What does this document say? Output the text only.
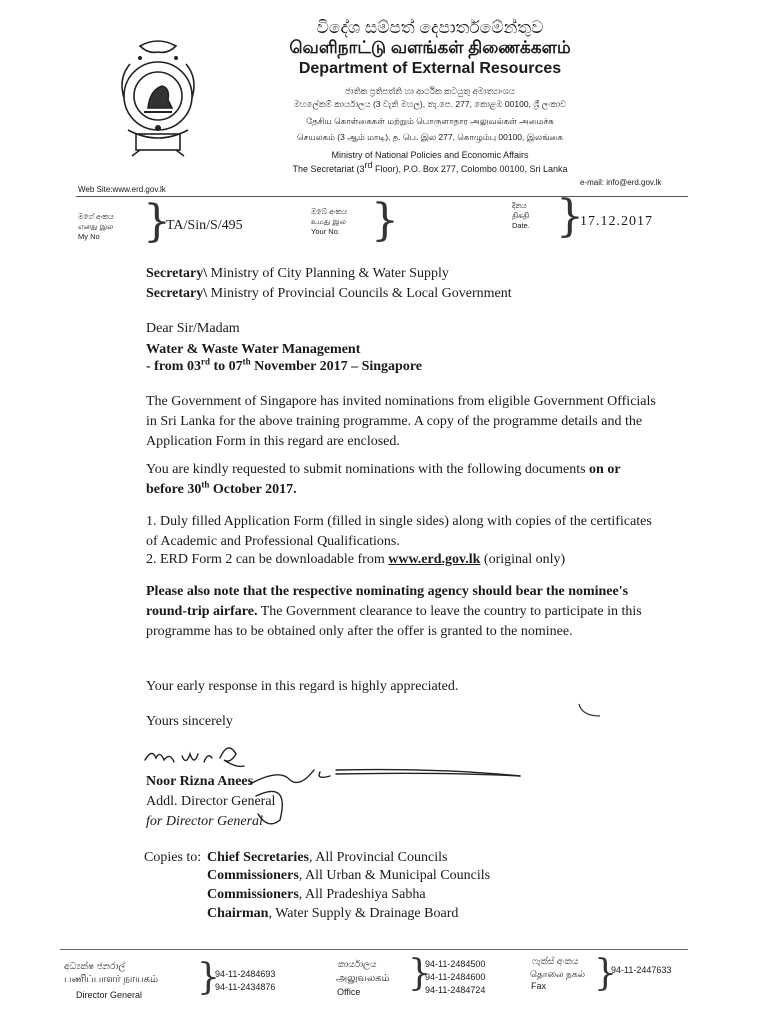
විදේශ සම්පත් දෙපාර්තමේන්තුව
வெளிநாட்டு வளங்கள் திணைக்களம்
Department of External Resources
ජාතික ප්‍රතිපත්ති හා ආර්ථික කටයුතු අමාත්‍යාංශය
මහලේකම් කාර්යාලය (3 වැනි මහල), තැ.පෙ. 277, කොළඹ 00100, ශ්‍රී ලංකාව
தேசிய கொள்கைகள் மற்றும் பொருளாதார அலுவல்கள் அமைச்சு
செயலகம் (3 ஆம் மாடி), த. பெ. இல 277, கொழும்பு 00100, இலங்கை
Ministry of National Policies and Economic Affairs
The Secretariat (3rd Floor), P.O. Box 277, Colombo 00100, Sri Lanka
Web Site:www.erd.gov.lk
e-mail: info@erd.gov.lk
මගේ අංකය
எனது இல
My No }
TA/Sin/S/495
ඔබේ අංකය
உமது இல
Your No. }	දිනය
திகதி
Date. }
17.12.2017
Secretary\ Ministry of City Planning & Water Supply
Secretary\ Ministry of Provincial Councils & Local Government
Dear Sir/Madam
Water & Waste Water Management
- from 03rd to 07th November 2017 – Singapore
The Government of Singapore has invited nominations from eligible Government Officials in Sri Lanka for the above training programme. A copy of the programme details and the Application Form in this regard are enclosed.
You are kindly requested to submit nominations with the following documents on or before 30th October 2017.
1. Duly filled Application Form (filled in single sides) along with copies of the certificates of Academic and Professional Qualifications.
2. ERD Form 2 can be downloadable from www.erd.gov.lk (original only)
Please also note that the respective nominating agency should bear the nominee's round-trip airfare. The Government clearance to leave the country to participate in this programme has to be obtained only after the offer is granted to the nominee.
Your early response in this regard is highly appreciated.
Yours sincerely
Noor Rizna Anees
Addl. Director General
for Director General
Copies to: Chief Secretaries, All Provincial Councils
Commissioners, All Urban & Municipal Councils
Commissioners, All Pradeshiya Sabha
Chairman, Water Supply & Drainage Board
අධ්‍යක්ෂ ජනරාල්
பணிப்பாளர் நாயகம்
Director General }
94-11-2484693
94-11-2434876
කාර්යාලය
அலுவலகம்
Office }
94-11-2484500
94-11-2484600
94-11-2484724
ෆැක්ස් අංකය
தொலை நகல்
Fax }
94-11-2447633
